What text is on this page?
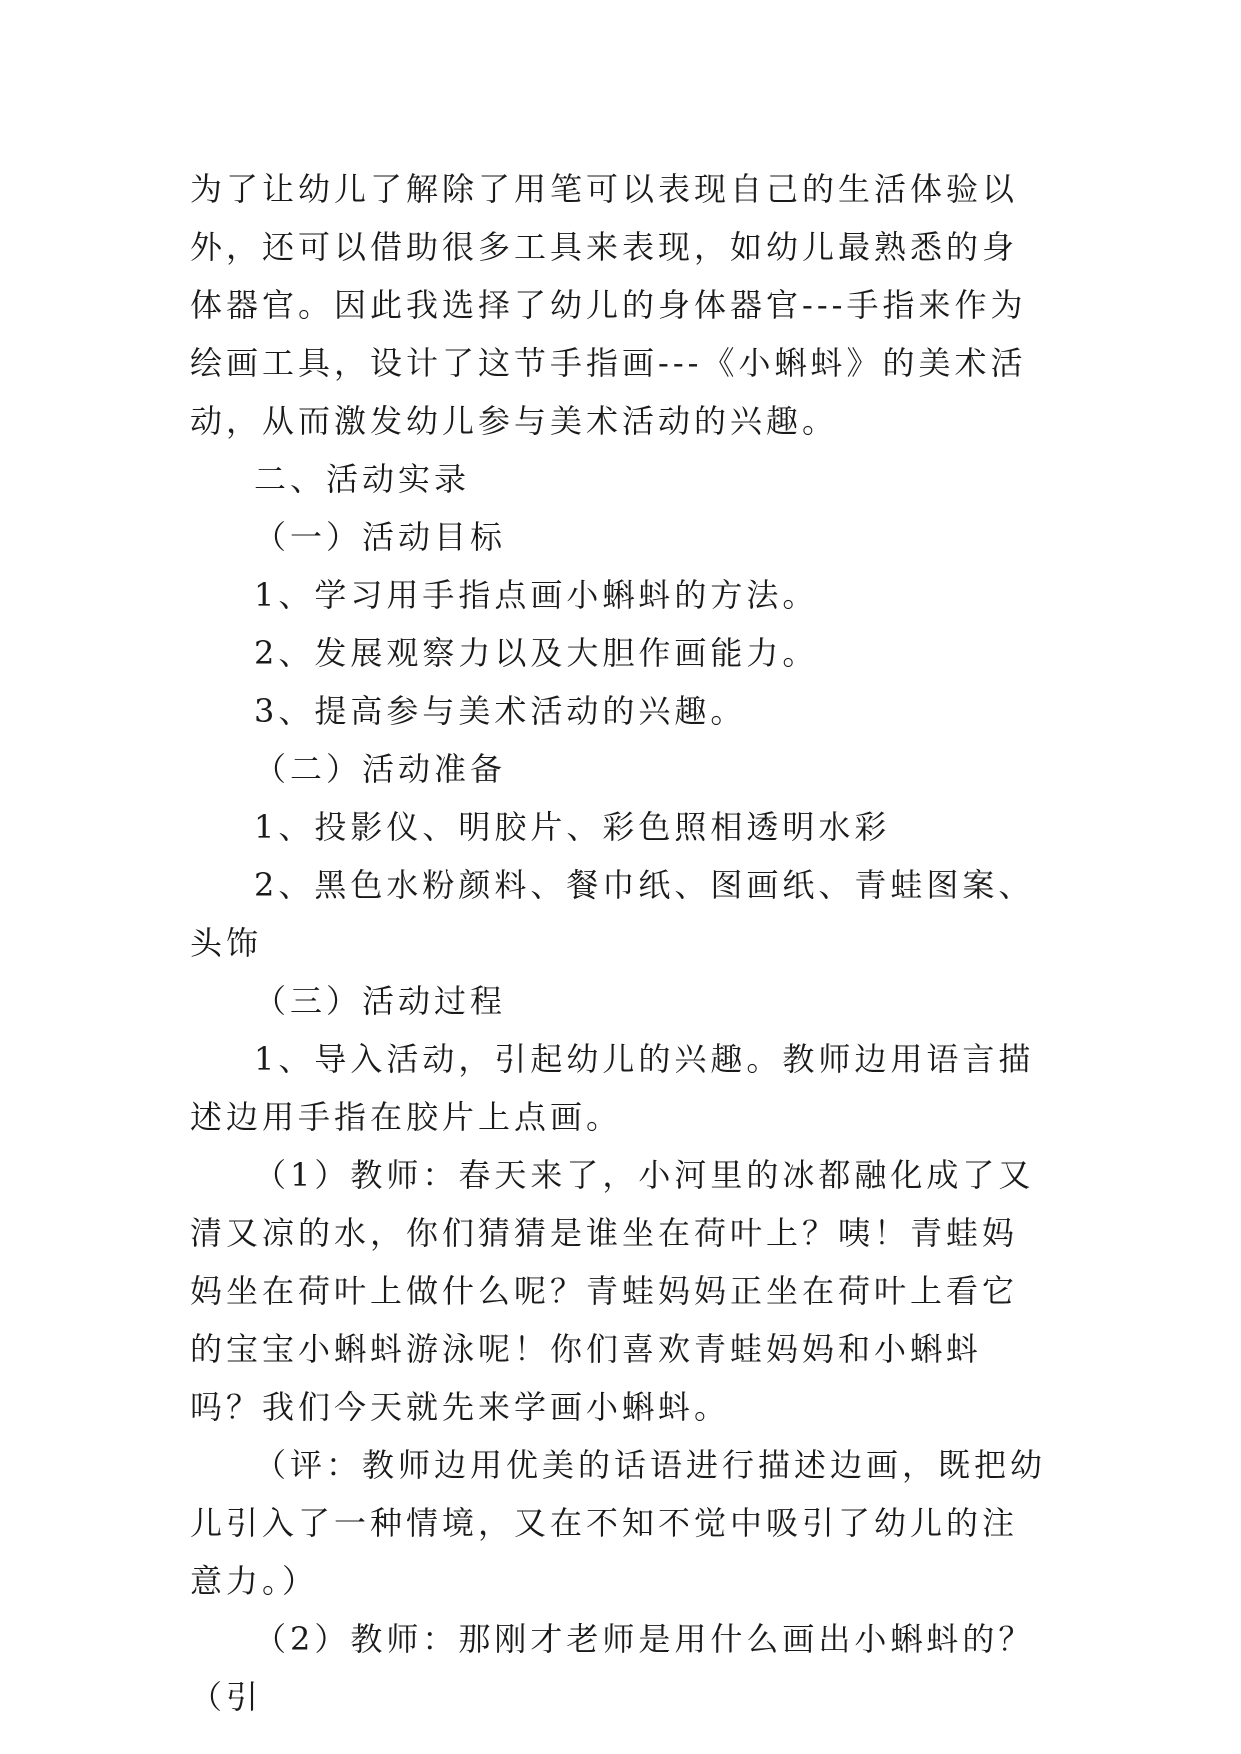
为了让幼儿了解除了用笔可以表现自己的生活体验以外，还可以借助很多工具来表现，如幼儿最熟悉的身体器官。因此我选择了幼儿的身体器官---手指来作为绘画工具，设计了这节手指画---《小蝌蚪》的美术活动，从而激发幼儿参与美术活动的兴趣。

二、活动实录

（一）活动目标

1、学习用手指点画小蝌蚪的方法。

2、发展观察力以及大胆作画能力。

3、提高参与美术活动的兴趣。

（二）活动准备

1、投影仪、明胶片、彩色照相透明水彩

2、黑色水粉颜料、餐巾纸、图画纸、青蛙图案、头饰

（三）活动过程

1、导入活动，引起幼儿的兴趣。教师边用语言描述边用手指在胶片上点画。

（1）教师：春天来了，小河里的冰都融化成了又清又凉的水，你们猜猜是谁坐在荷叶上？咦！青蛙妈妈坐在荷叶上做什么呢？青蛙妈妈正坐在荷叶上看它的宝宝小蝌蚪游泳呢！你们喜欢青蛙妈妈和小蝌蚪吗？我们今天就先来学画小蝌蚪。

（评：教师边用优美的话语进行描述边画，既把幼儿引入了一种情境，又在不知不觉中吸引了幼儿的注意力。）

（2）教师：那刚才老师是用什么画出小蝌蚪的？（引
